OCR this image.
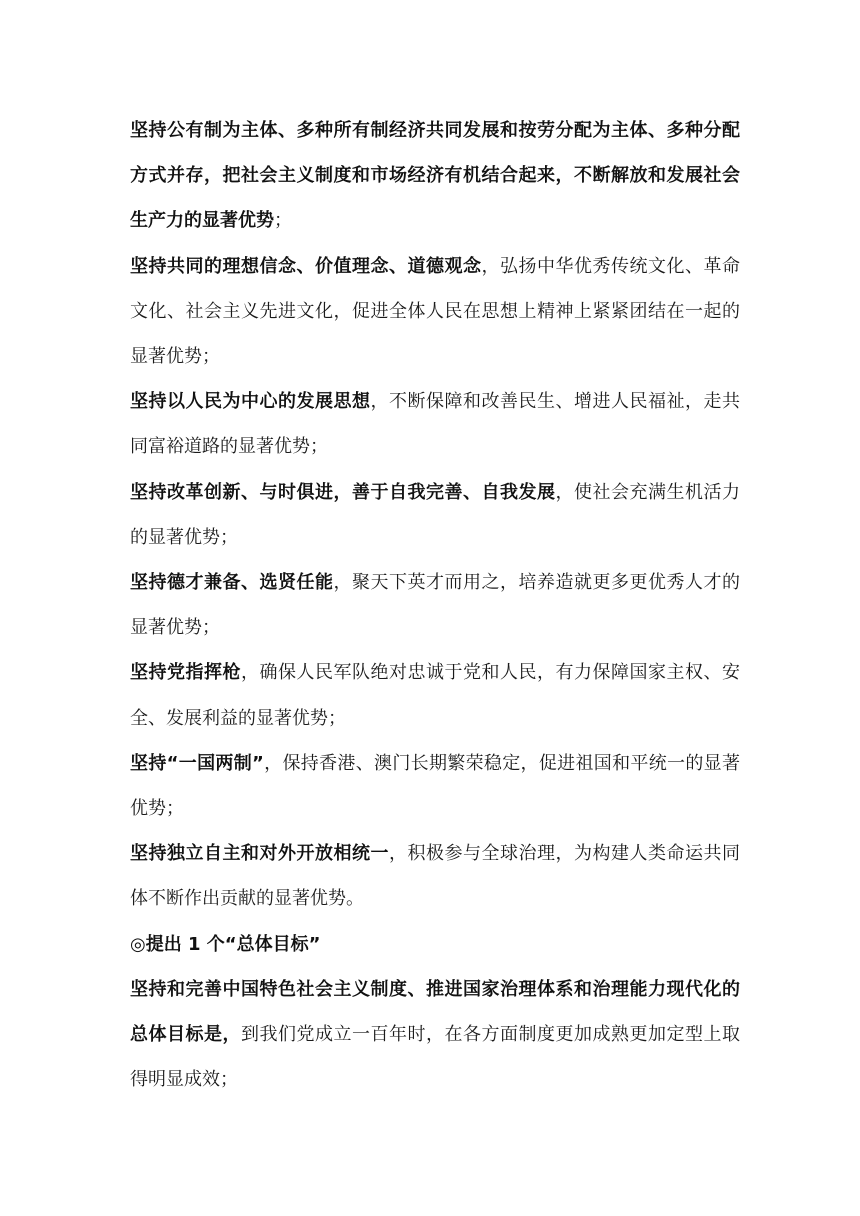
坚持公有制为主体、多种所有制经济共同发展和按劳分配为主体、多种分配方式并存，把社会主义制度和市场经济有机结合起来，不断解放和发展社会生产力的显著优势；

坚持共同的理想信念、价值理念、道德观念，弘扬中华优秀传统文化、革命文化、社会主义先进文化，促进全体人民在思想上精神上紧紧团结在一起的显著优势；

坚持以人民为中心的发展思想，不断保障和改善民生、增进人民福祉，走共同富裕道路的显著优势；

坚持改革创新、与时俱进，善于自我完善、自我发展，使社会充满生机活力的显著优势；

坚持德才兼备、选贤任能，聚天下英才而用之，培养造就更多更优秀人才的显著优势；

坚持党指挥枪，确保人民军队绝对忠诚于党和人民，有力保障国家主权、安全、发展利益的显著优势；

坚持“一国两制”，保持香港、澳门长期繁荣稳定，促进祖国和平统一的显著优势；

坚持独立自主和对外开放相统一，积极参与全球治理，为构建人类命运共同体不断作出贡献的显著优势。

◎提出 1 个“总体目标”

坚持和完善中国特色社会主义制度、推进国家治理体系和治理能力现代化的总体目标是，到我们党成立一百年时，在各方面制度更加成熟更加定型上取得明显成效；
